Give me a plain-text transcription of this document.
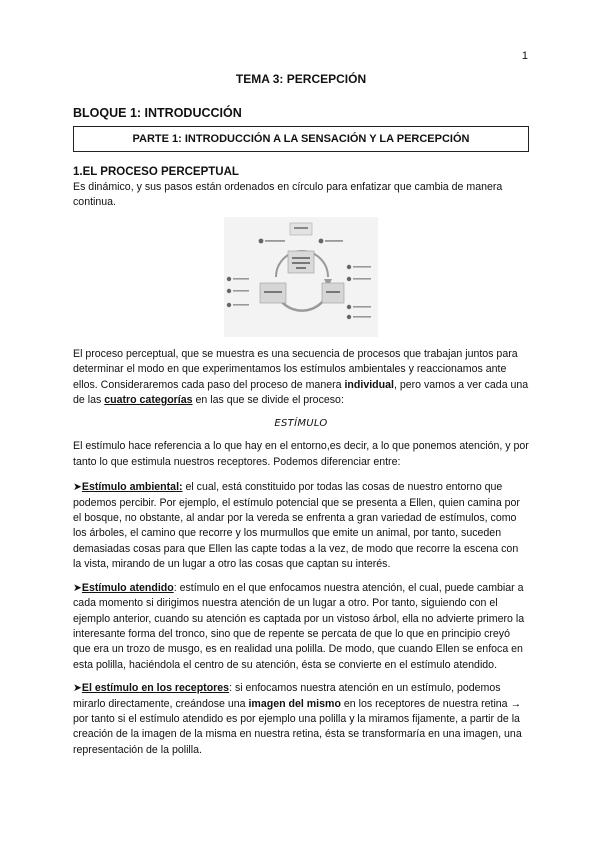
1
TEMA 3: PERCEPCIÓN
BLOQUE 1: INTRODUCCIÓN
PARTE 1: INTRODUCCIÓN A LA SENSACIÓN Y LA PERCEPCIÓN
1.EL PROCESO PERCEPTUAL

Es dinámico, y sus pasos están ordenados en círculo para enfatizar que cambia de manera continua.

El proceso perceptual, que se muestra es una secuencia de procesos que trabajan juntos para determinar el modo en que experimentamos los estímulos ambientales y reaccionamos ante ellos. Consideraremos cada paso del proceso de manera individual, pero vamos a ver cada una de las cuatro categorías en las que se divide el proceso:

ESTÍMULO

El estímulo hace referencia a lo que hay en el entorno,es decir, a lo que ponemos atención, y por tanto lo que estimula nuestros receptores. Podemos diferenciar entre:

➤Estímulo ambiental: el cual, está constituido por todas las cosas de nuestro entorno que podemos percibir. Por ejemplo, el estímulo potencial que se presenta a Ellen, quien camina por el bosque, no obstante, al andar por la vereda se enfrenta a gran variedad de estímulos, como los árboles, el camino que recorre y los murmullos que emite un animal, por tanto, suceden demasiadas cosas para que Ellen las capte todas a la vez, de modo que recorre la escena con la vista, mirando de un lugar a otro las cosas que captan su interés.

➤Estímulo atendido: estímulo en el que enfocamos nuestra atención, el cual, puede cambiar a cada momento si dirigimos nuestra atención de un lugar a otro. Por tanto, siguiendo con el ejemplo anterior, cuando su atención es captada por un vistoso árbol, ella no advierte primero la interesante forma del tronco, sino que de repente se percata de que lo que en principio creyó que era un trozo de musgo, es en realidad una polilla. De modo, que cuando Ellen se enfoca en esta polilla, haciéndola el centro de su atención, ésta se convierte en el estímulo atendido.

➤El estímulo en los receptores: si enfocamos nuestra atención en un estímulo, podemos mirarlo directamente, creándose una imagen del mismo en los receptores de nuestra retina → por tanto si el estímulo atendido es por ejemplo una polilla y la miramos fijamente, a partir de la creación de la imagen de la misma en nuestra retina, ésta se transformaría en una imagen, una representación de la polilla.
